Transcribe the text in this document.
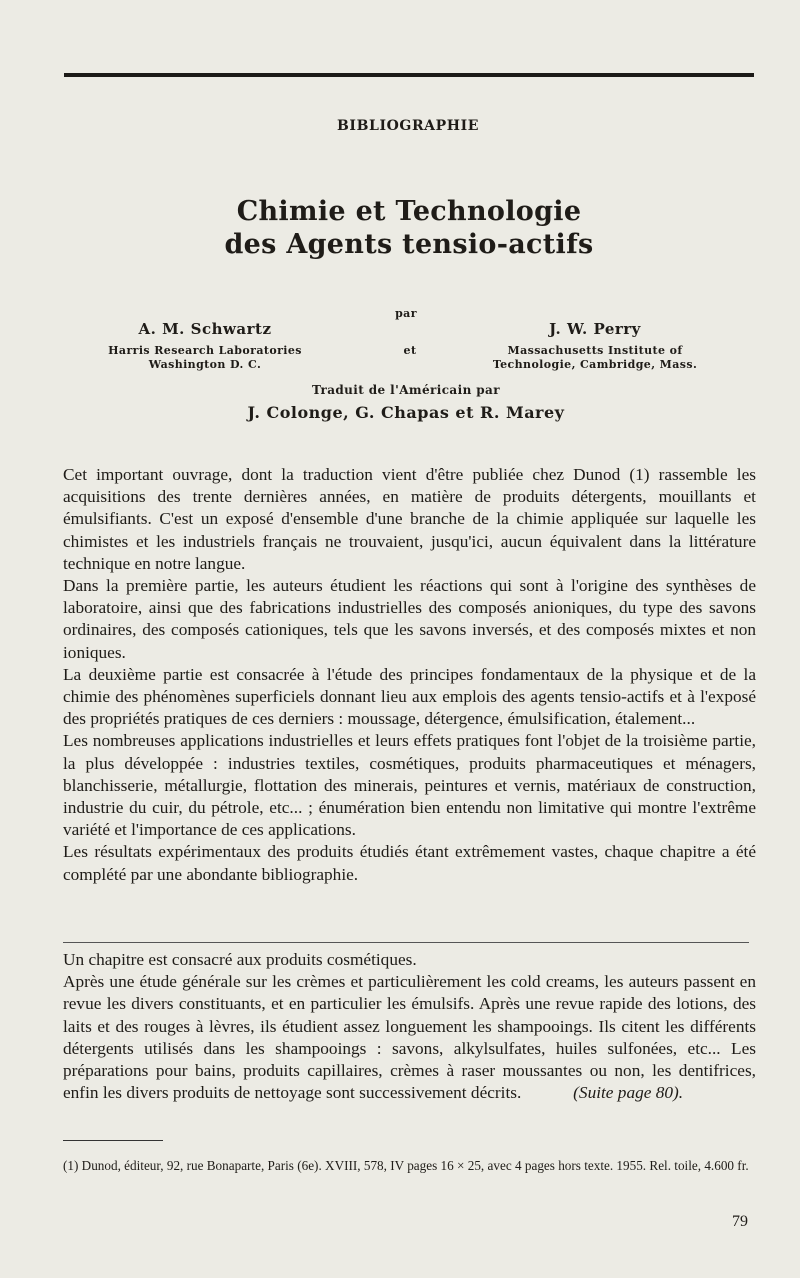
BIBLIOGRAPHIE
Chimie et Technologie
des Agents tensio-actifs
par
A. M. Schwartz	J. W. Perry
Harris Research Laboratories
Washington D. C.
et	Massachusetts Institute of
Technologie, Cambridge, Mass.
Traduit de l'Américain par
J. Colonge, G. Chapas et R. Marey

Cet important ouvrage, dont la traduction vient d'être publiée chez Dunod (1) rassemble les acquisitions des trente dernières années, en matière de produits détergents, mouillants et émulsifiants. C'est un exposé d'ensemble d'une branche de la chimie appliquée sur laquelle les chimistes et les industriels français ne trouvaient, jusqu'ici, aucun équivalent dans la littérature technique en notre langue.

Dans la première partie, les auteurs étudient les réactions qui sont à l'origine des synthèses de laboratoire, ainsi que des fabrications industrielles des composés anioniques, du type des savons ordinaires, des composés cationiques, tels que les savons inversés, et des composés mixtes et non ioniques.

La deuxième partie est consacrée à l'étude des principes fondamentaux de la physique et de la chimie des phénomènes superficiels donnant lieu aux emplois des agents tensio-actifs et à l'exposé des propriétés pratiques de ces derniers : moussage, détergence, émulsification, étalement...

Les nombreuses applications industrielles et leurs effets pratiques font l'objet de la troisième partie, la plus développée : industries textiles, cosmétiques, produits pharmaceutiques et ménagers, blanchisserie, métallurgie, flottation des minerais, peintures et vernis, matériaux de construction, industrie du cuir, du pétrole, etc... ; énumération bien entendu non limitative qui montre l'extrême variété et l'importance de ces applications.

Les résultats expérimentaux des produits étudiés étant extrêmement vastes, chaque chapitre a été complété par une abondante bibliographie.

Un chapitre est consacré aux produits cosmétiques.

Après une étude générale sur les crèmes et particulièrement les cold creams, les auteurs passent en revue les divers constituants, et en particulier les émulsifs. Après une revue rapide des lotions, des laits et des rouges à lèvres, ils étudient assez longuement les shampooings. Ils citent les différents détergents utilisés dans les shampooings : savons, alkylsulfates, huiles sulfonées, etc... Les préparations pour bains, produits capillaires, crèmes à raser moussantes ou non, les dentifrices, enfin les divers produits de nettoyage sont successivement décrits.	(Suite page 80).

(1) Dunod, éditeur, 92, rue Bonaparte, Paris (6e). XVIII, 578, IV pages 16 × 25, avec 4 pages hors texte. 1955. Rel. toile, 4.600 fr.
79
